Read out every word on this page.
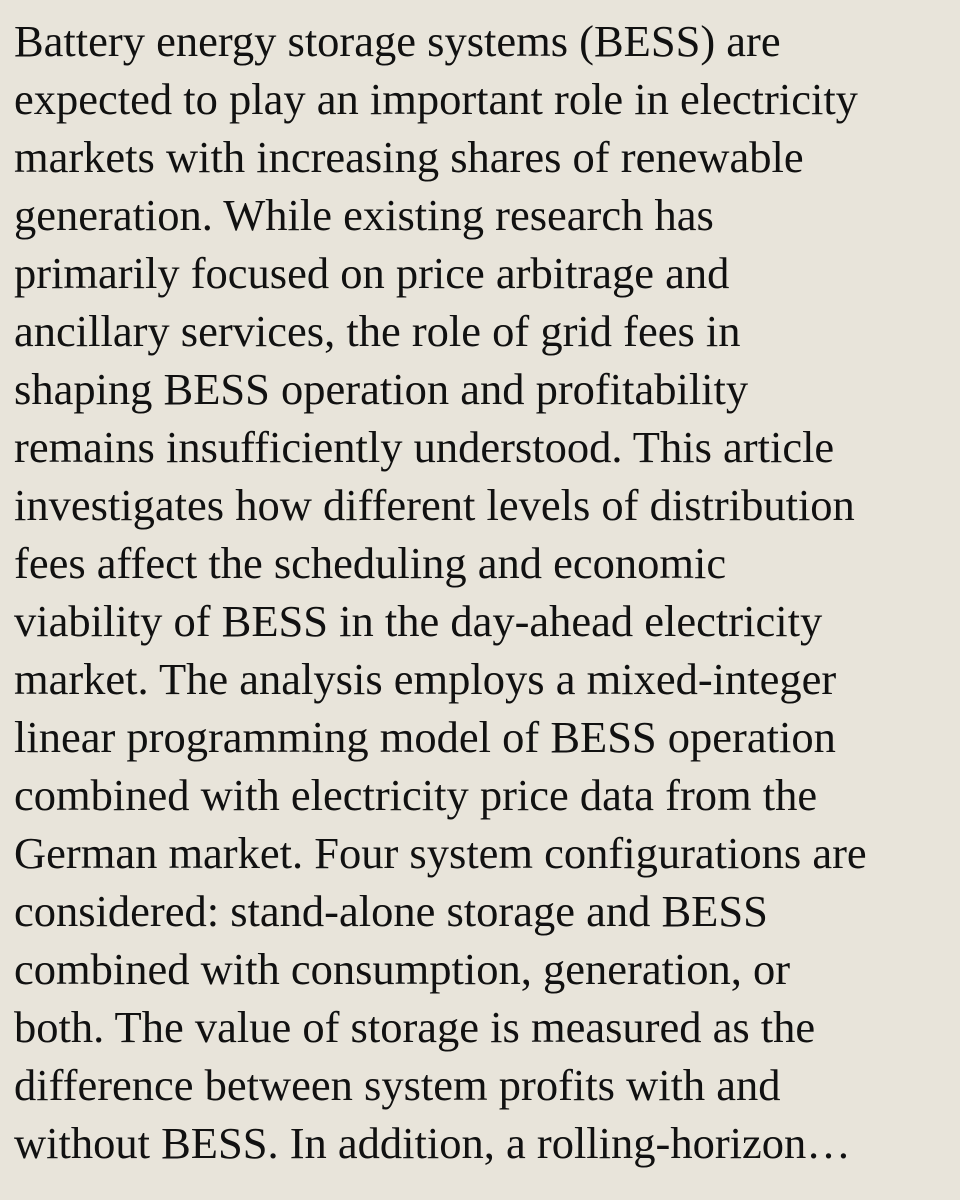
Battery energy storage systems (BESS) are

expected to play an important role in electricity

markets with increasing shares of renewable

generation. While existing research has

primarily focused on price arbitrage and

ancillary services, the role of grid fees in

shaping BESS operation and profitability

remains insufficiently understood. This article

investigates how different levels of distribution

fees affect the scheduling and economic

viability of BESS in the day-ahead electricity

market. The analysis employs a mixed-integer

linear programming model of BESS operation

combined with electricity price data from the

German market. Four system configurations are

considered: stand-alone storage and BESS

combined with consumption, generation, or

both. The value of storage is measured as the

difference between system profits with and

without BESS. In addition, a rolling-horizon…
